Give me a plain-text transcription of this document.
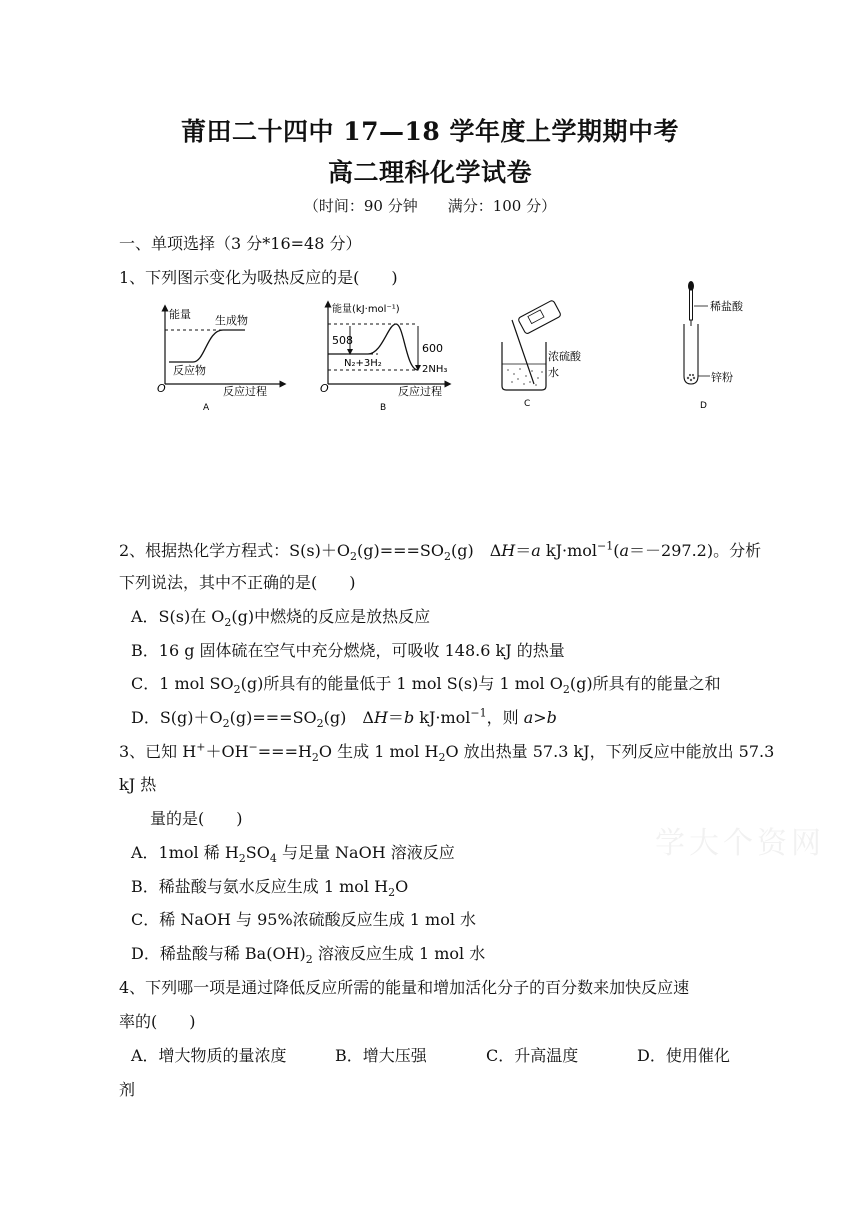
莆田二十四中 17—18 学年度上学期期中考
高二理科化学试卷
（时间：90 分钟　　满分：100 分）
一、单项选择（3 分*16=48 分）
1、下列图示变化为吸热反应的是(　　)
能量 生成物
反应物
O	反应过程
A
能量(kJ·mol⁻¹)
508
600
N₂+3H₂
2NH₃
O	反应过程
B
浓硫酸
水
C
稀盐酸
锌粉
D
2、根据热化学方程式：$S(s)+O_2(g)===SO_2(g)$　ΔH＝a kJ·mol$^{-1}$(a＝－297.2)。分析
下列说法，其中不正确的是(　　)
A．S(s)在 $O_2(g)$中燃烧的反应是放热反应
B．16 g 固体硫在空气中充分燃烧，可吸收 148.6 kJ 的热量
C．1 mol $SO_2(g)$所具有的能量低于 1 mol S(s)与 1 mol $O_2(g)$所具有的能量之和
D．$S(g)+O_2(g)===SO_2(g)$　ΔH＝b kJ·mol$^{-1}$，则 a>b
3、已知 $H^++OH^-===H_2O$ 生成 1 mol $H_2O$ 放出热量 57.3 kJ，下列反应中能放出 57.3
kJ 热
量的是(　　)
A．1mol 稀 $H_2SO_4$ 与足量 NaOH 溶液反应
B．稀盐酸与氨水反应生成 1 mol $H_2O$
C．稀 NaOH 与 95%浓硫酸反应生成 1 mol 水
D．稀盐酸与稀 $Ba(OH)_2$ 溶液反应生成 1 mol 水
4、下列哪一项是通过降低反应所需的能量和增加活化分子的百分数来加快反应速
率的(　　)
A．增大物质的量浓度	B．增大压强	C．升高温度	D．使用催化
剂
学大个资网
